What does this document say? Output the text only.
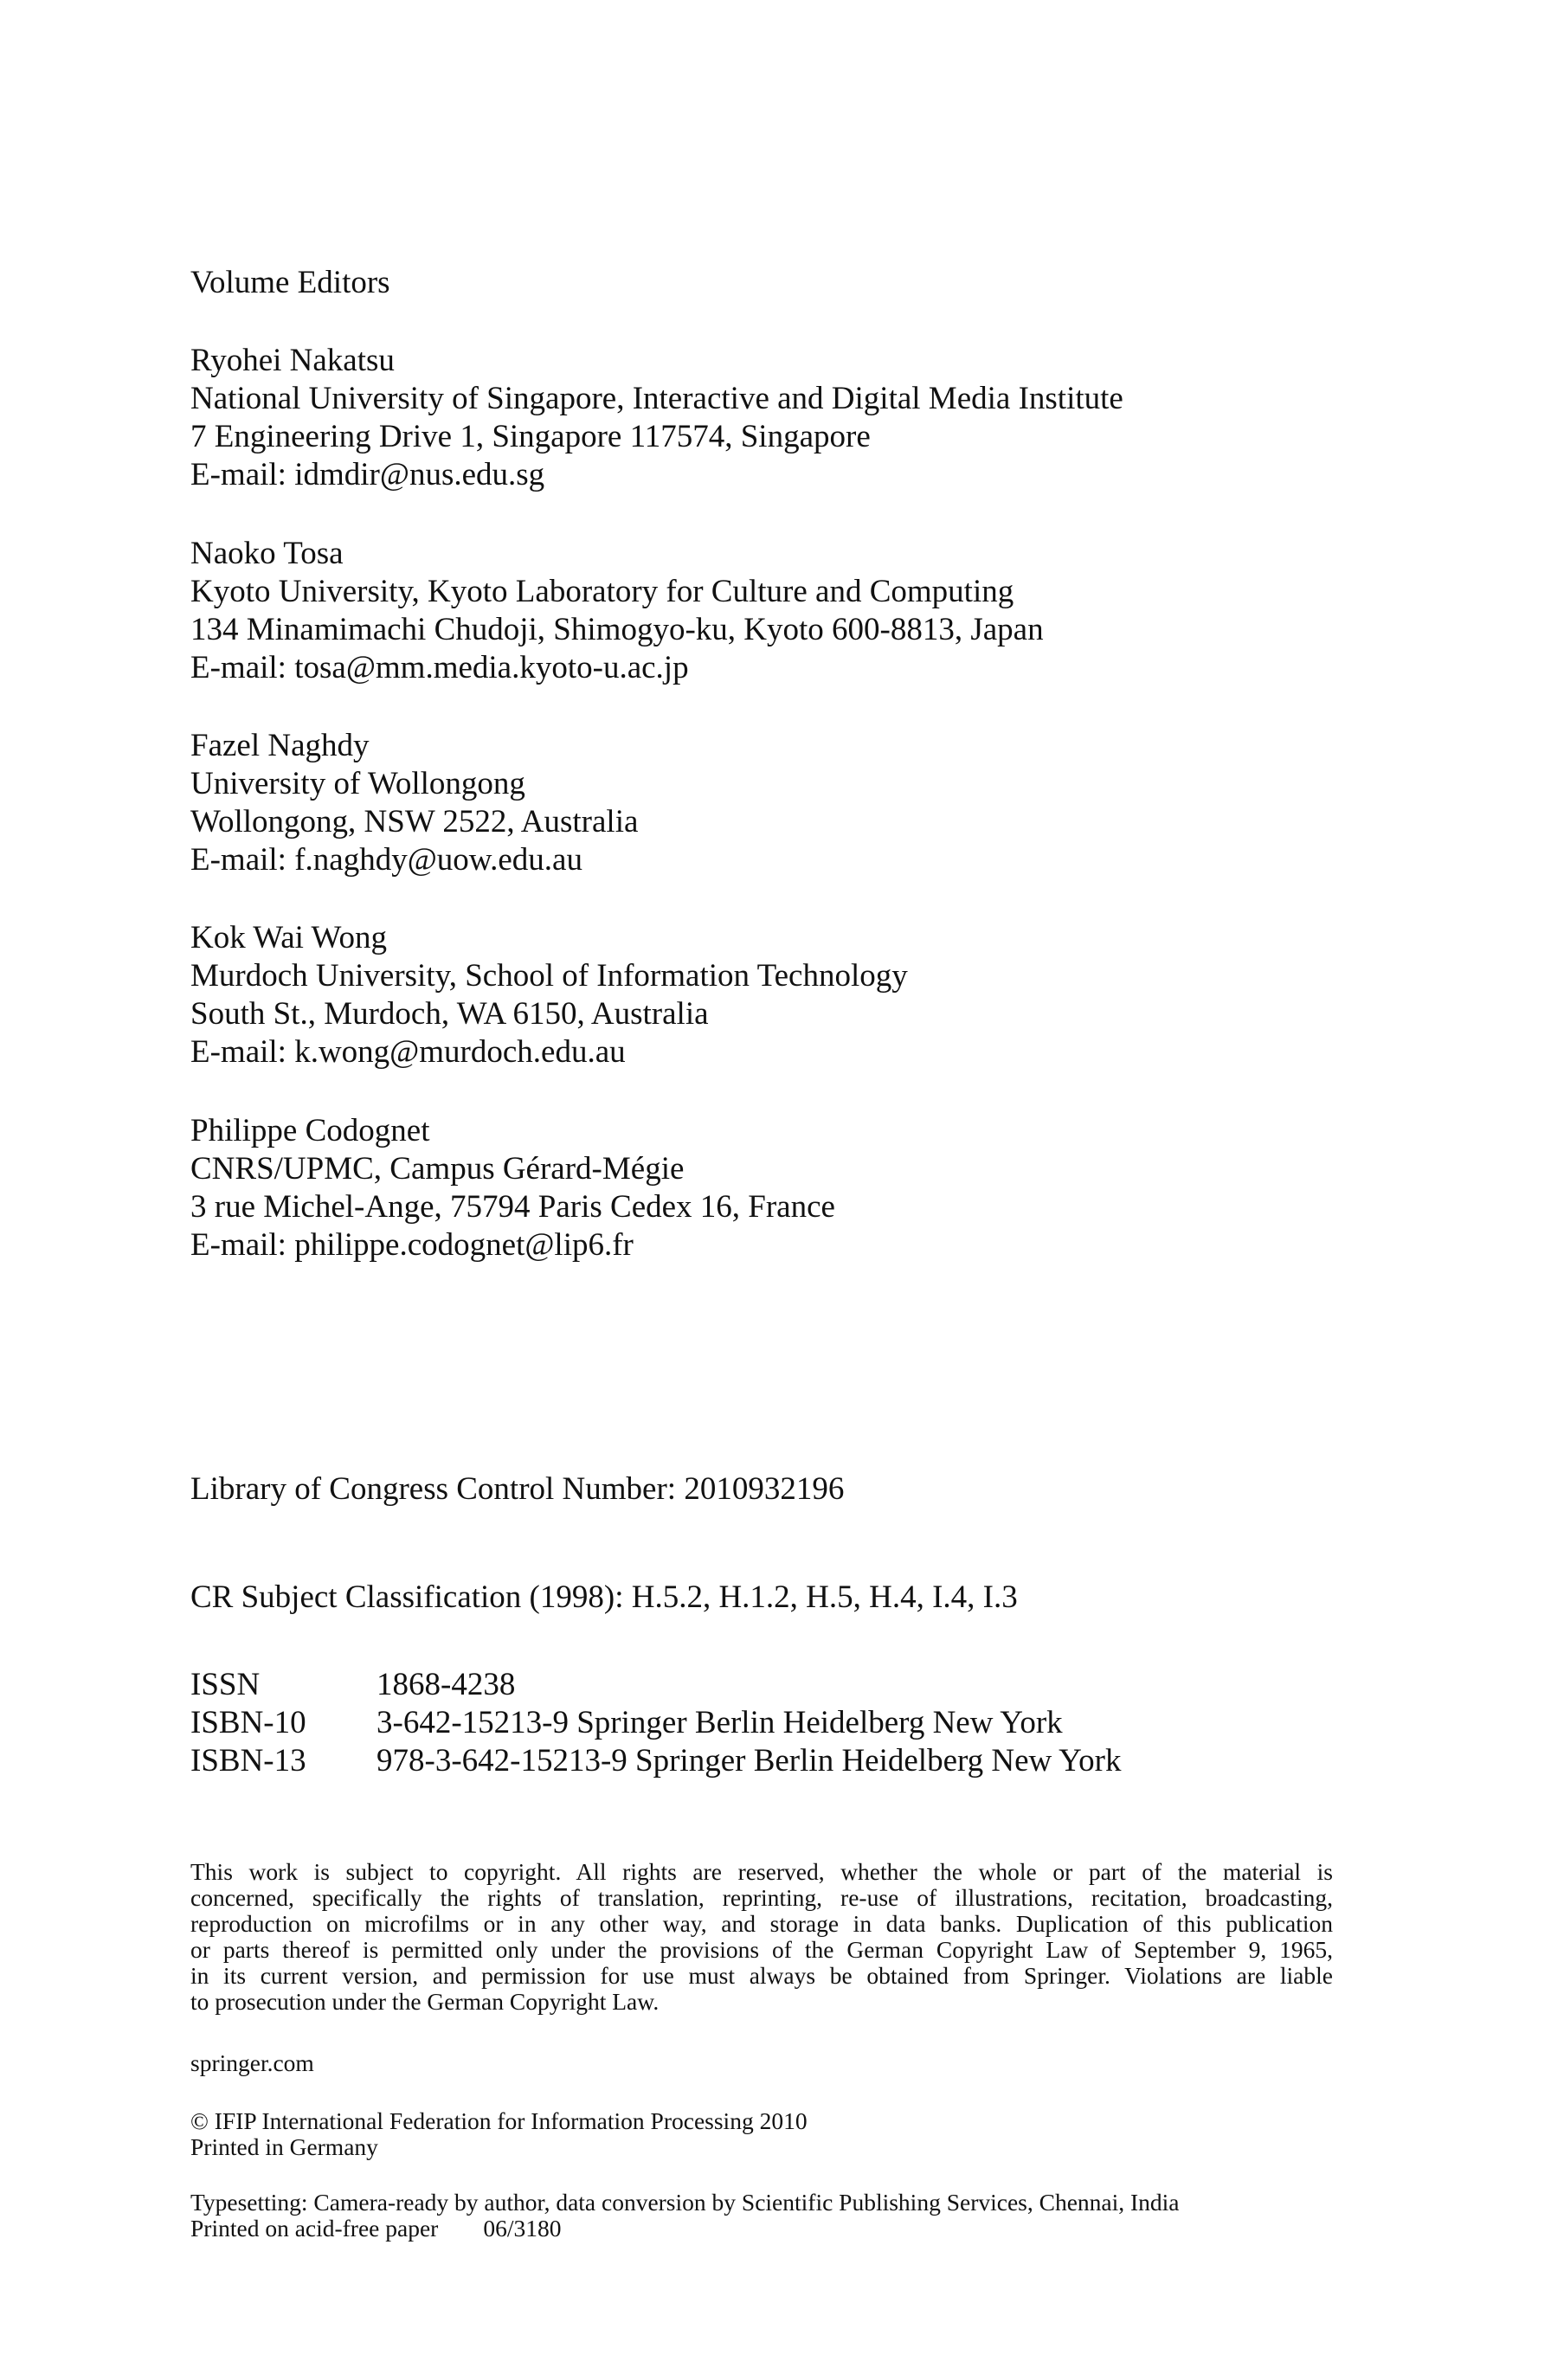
Volume Editors
Ryohei Nakatsu
National University of Singapore, Interactive and Digital Media Institute
7 Engineering Drive 1, Singapore 117574, Singapore
E-mail: idmdir@nus.edu.sg
Naoko Tosa
Kyoto University, Kyoto Laboratory for Culture and Computing
134 Minamimachi Chudoji, Shimogyo-ku, Kyoto 600-8813, Japan
E-mail: tosa@mm.media.kyoto-u.ac.jp
Fazel Naghdy
University of Wollongong
Wollongong, NSW 2522, Australia
E-mail: f.naghdy@uow.edu.au
Kok Wai Wong
Murdoch University, School of Information Technology
South St., Murdoch, WA 6150, Australia
E-mail: k.wong@murdoch.edu.au
Philippe Codognet
CNRS/UPMC, Campus Gérard-Mégie
3 rue Michel-Ange, 75794 Paris Cedex 16, France
E-mail: philippe.codognet@lip6.fr
Library of Congress Control Number: 2010932196
CR Subject Classification (1998): H.5.2, H.1.2, H.5, H.4, I.4, I.3
ISSN	1868-4238
ISBN-10	3-642-15213-9 Springer Berlin Heidelberg New York
ISBN-13	978-3-642-15213-9 Springer Berlin Heidelberg New York
This work is subject to copyright. All rights are reserved, whether the whole or part of the material is
concerned, specifically the rights of translation, reprinting, re-use of illustrations, recitation, broadcasting,
reproduction on microfilms or in any other way, and storage in data banks. Duplication of this publication
or parts thereof is permitted only under the provisions of the German Copyright Law of September 9, 1965,
in its current version, and permission for use must always be obtained from Springer. Violations are liable
to prosecution under the German Copyright Law.
springer.com
© IFIP International Federation for Information Processing 2010
Printed in Germany
Typesetting: Camera-ready by author, data conversion by Scientific Publishing Services, Chennai, India
Printed on acid-free paper 06/3180
